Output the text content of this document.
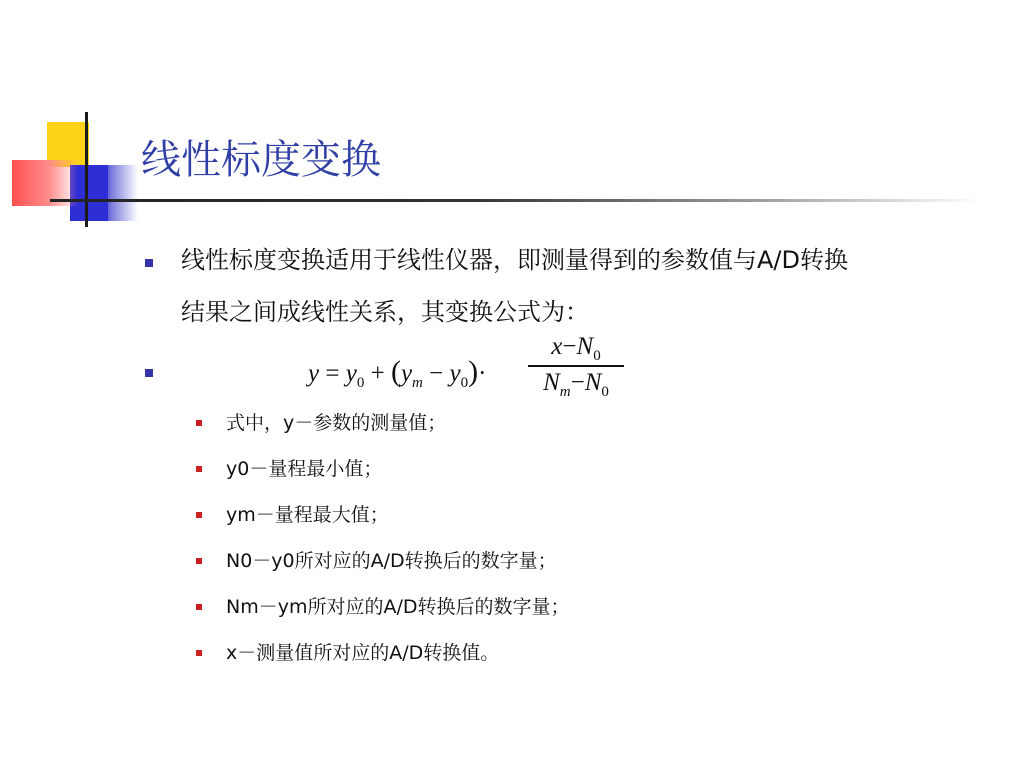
线性标度变换
线性标度变换适用于线性仪器，即测量得到的参数值与A/D转换
结果之间成线性关系，其变换公式为：
$y = y_0 + (y_m - y_0)\cdot$
$x-N_0$
$N_m-N_0$
式中，y－参数的测量值；
y0－量程最小值；
ym－量程最大值；
N0－y0所对应的A/D转换后的数字量；
Nm－ym所对应的A/D转换后的数字量；
x－测量值所对应的A/D转换值。
